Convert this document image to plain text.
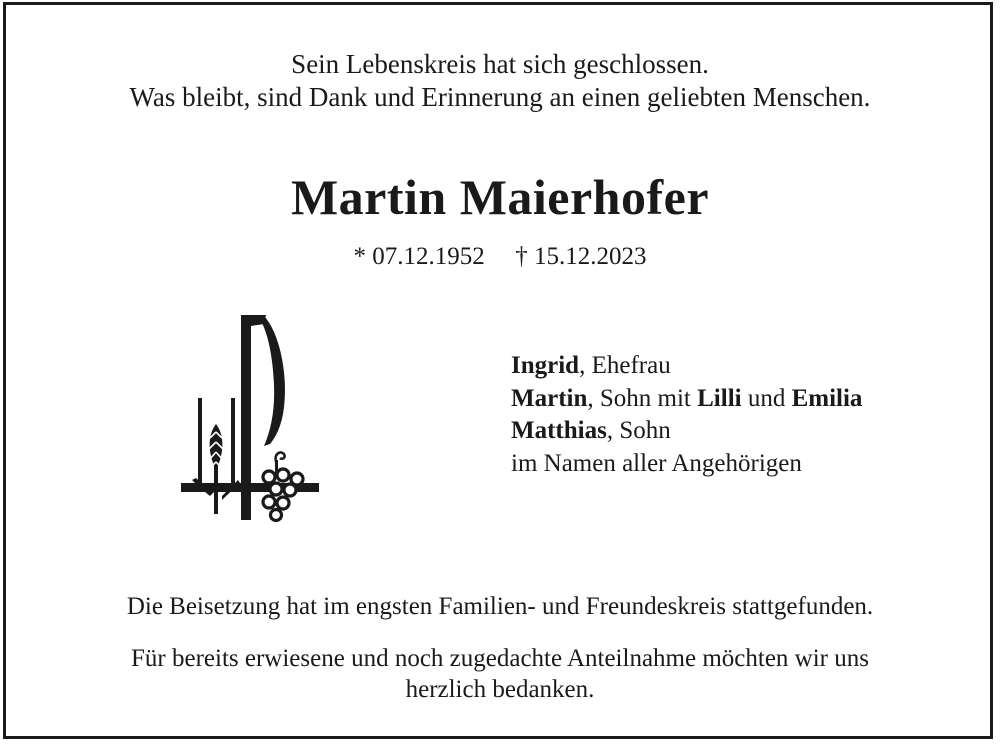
Sein Lebenskreis hat sich geschlossen.
Was bleibt, sind Dank und Erinnerung an einen geliebten Menschen.
Martin Maierhofer
* 07.12.1952 † 15.12.2023
Ingrid, Ehefrau
Martin, Sohn mit Lilli und Emilia
Matthias, Sohn
im Namen aller Angehörigen
Die Beisetzung hat im engsten Familien- und Freundeskreis stattgefunden.
Für bereits erwiesene und noch zugedachte Anteilnahme möchten wir uns
herzlich bedanken.
